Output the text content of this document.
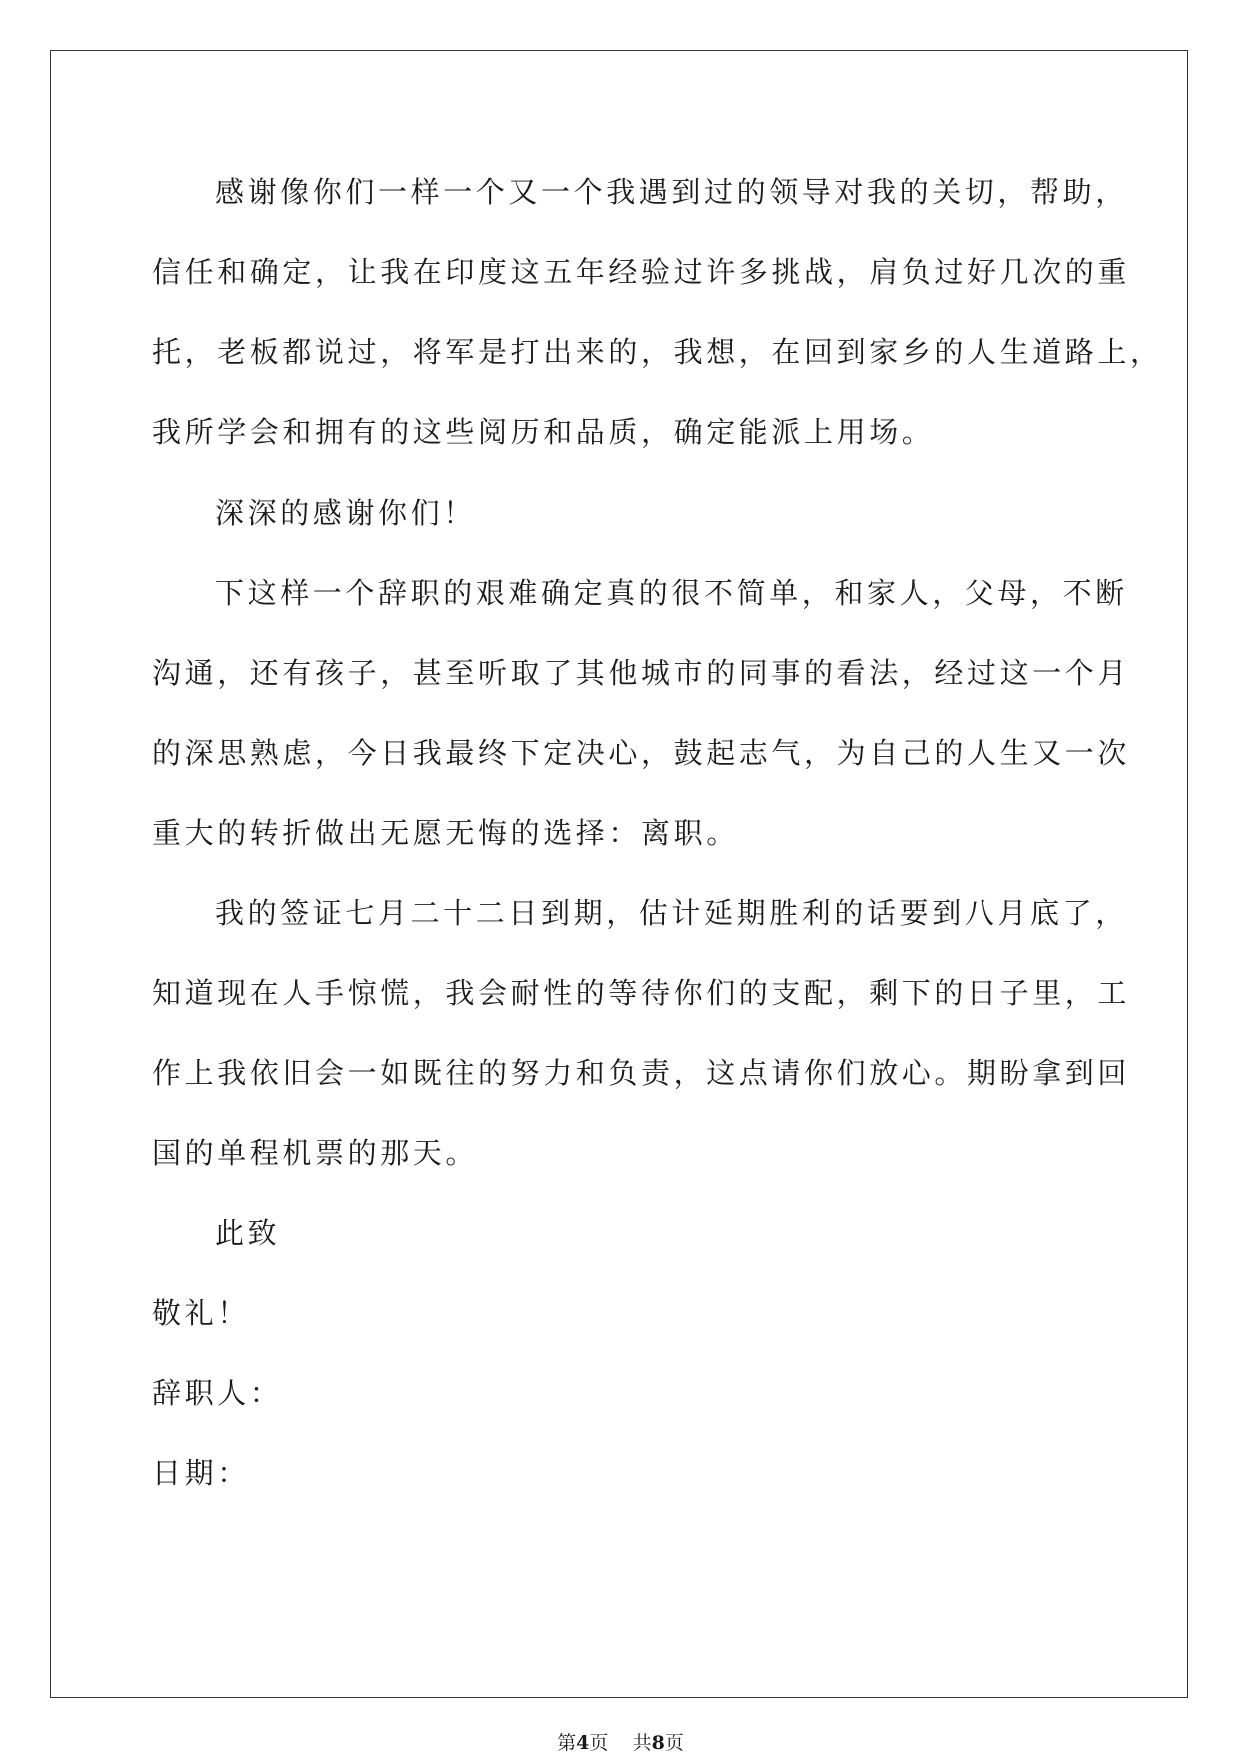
感谢像你们一样一个又一个我遇到过的领导对我的关切，帮助，
信任和确定，让我在印度这五年经验过许多挑战，肩负过好几次的重
托，老板都说过，将军是打出来的，我想，在回到家乡的人生道路上，
我所学会和拥有的这些阅历和品质，确定能派上用场。
深深的感谢你们！
下这样一个辞职的艰难确定真的很不简单，和家人，父母，不断
沟通，还有孩子，甚至听取了其他城市的同事的看法，经过这一个月
的深思熟虑，今日我最终下定决心，鼓起志气，为自己的人生又一次
重大的转折做出无愿无悔的选择：离职。
我的签证七月二十二日到期，估计延期胜利的话要到八月底了，
知道现在人手惊慌，我会耐性的等待你们的支配，剩下的日子里，工
作上我依旧会一如既往的努力和负责，这点请你们放心。期盼拿到回
国的单程机票的那天。
此致
敬礼！
辞职人：
日期：
第4页 共8页
